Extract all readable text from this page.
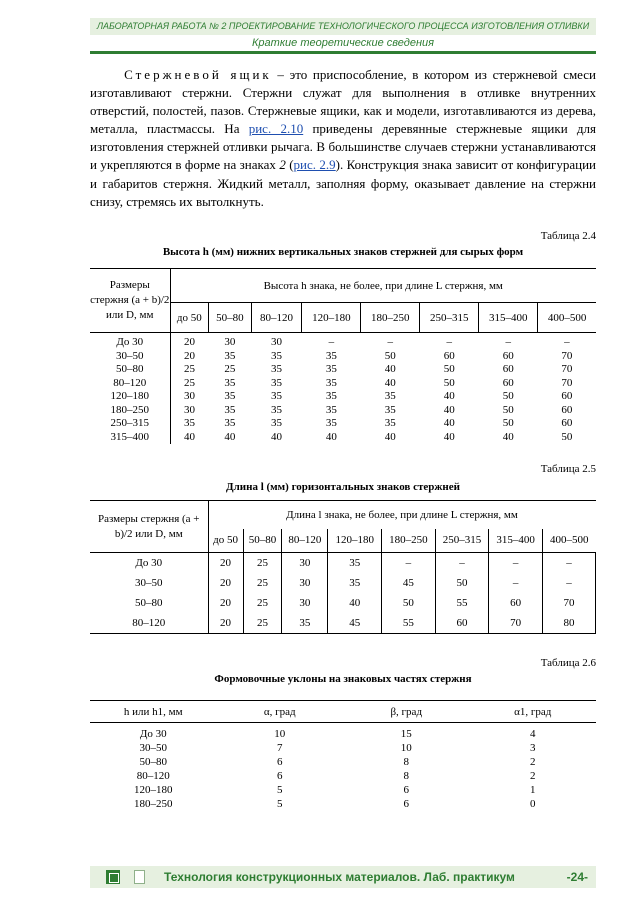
ЛАБОРАТОРНАЯ РАБОТА № 2 ПРОЕКТИРОВАНИЕ ТЕХНОЛОГИЧЕСКОГО ПРОЦЕССА ИЗГОТОВЛЕНИЯ ОТЛИВКИ
Краткие теоретические сведения
Стержневой ящик – это приспособление, в котором из стержневой смеси изготавливают стержни. Стержни служат для выполнения в отливке внутренних отверстий, полостей, пазов. Стержневые ящики, как и модели, изготавливаются из дерева, металла, пластмассы. На рис. 2.10 приведены деревянные стержневые ящики для изготовления стержней отливки рычага. В большинстве случаев стержни устанавливаются и укрепляются в форме на знаках 2 (рис. 2.9). Конструкция знака зависит от конфигурации и габаритов стержня. Жидкий металл, заполняя форму, оказывает давление на стержни снизу, стремясь их вытолкнуть.
Таблица 2.4
Высота h (мм) нижних вертикальных знаков стержней для сырых форм
Размеры стержня (a + b)/2 или D, мм	Высота h знака, не более, при длине L стержня, мм							
	до 50	50–80	80–120	120–180	180–250	250–315	315–400	400–500
До 30	20	30	30	–	–	–	–	–
30–50	20	35	35	35	50	60	60	70
50–80	25	25	35	35	40	50	60	70
80–120	25	35	35	35	40	50	60	70
120–180	30	35	35	35	35	40	50	60
180–250	30	35	35	35	35	40	50	60
250–315	35	35	35	35	35	40	50	60
315–400	40	40	40	40	40	40	40	50
Таблица 2.5
Длина l (мм) горизонтальных знаков стержней
Размеры стержня (a + b)/2 или D, мм	Длина l знака, не более, при длине L стержня, мм							
	до 50	50–80	80–120	120–180	180–250	250–315	315–400	400–500
До 30	20	25	30	35	–	–	–	–
30–50	20	25	30	35	45	50	–	–
50–80	20	25	30	40	50	55	60	70
80–120	20	25	35	45	55	60	70	80
Таблица 2.6
Формовочные уклоны на знаковых частях стержня
h или h1, мм	α, град	β, град	α1, град
До 30	10	15	4
30–50	7	10	3
50–80	6	8	2
80–120	6	8	2
120–180	5	6	1
180–250	5	6	0
Технология конструкционных материалов. Лаб. практикум	-24-
